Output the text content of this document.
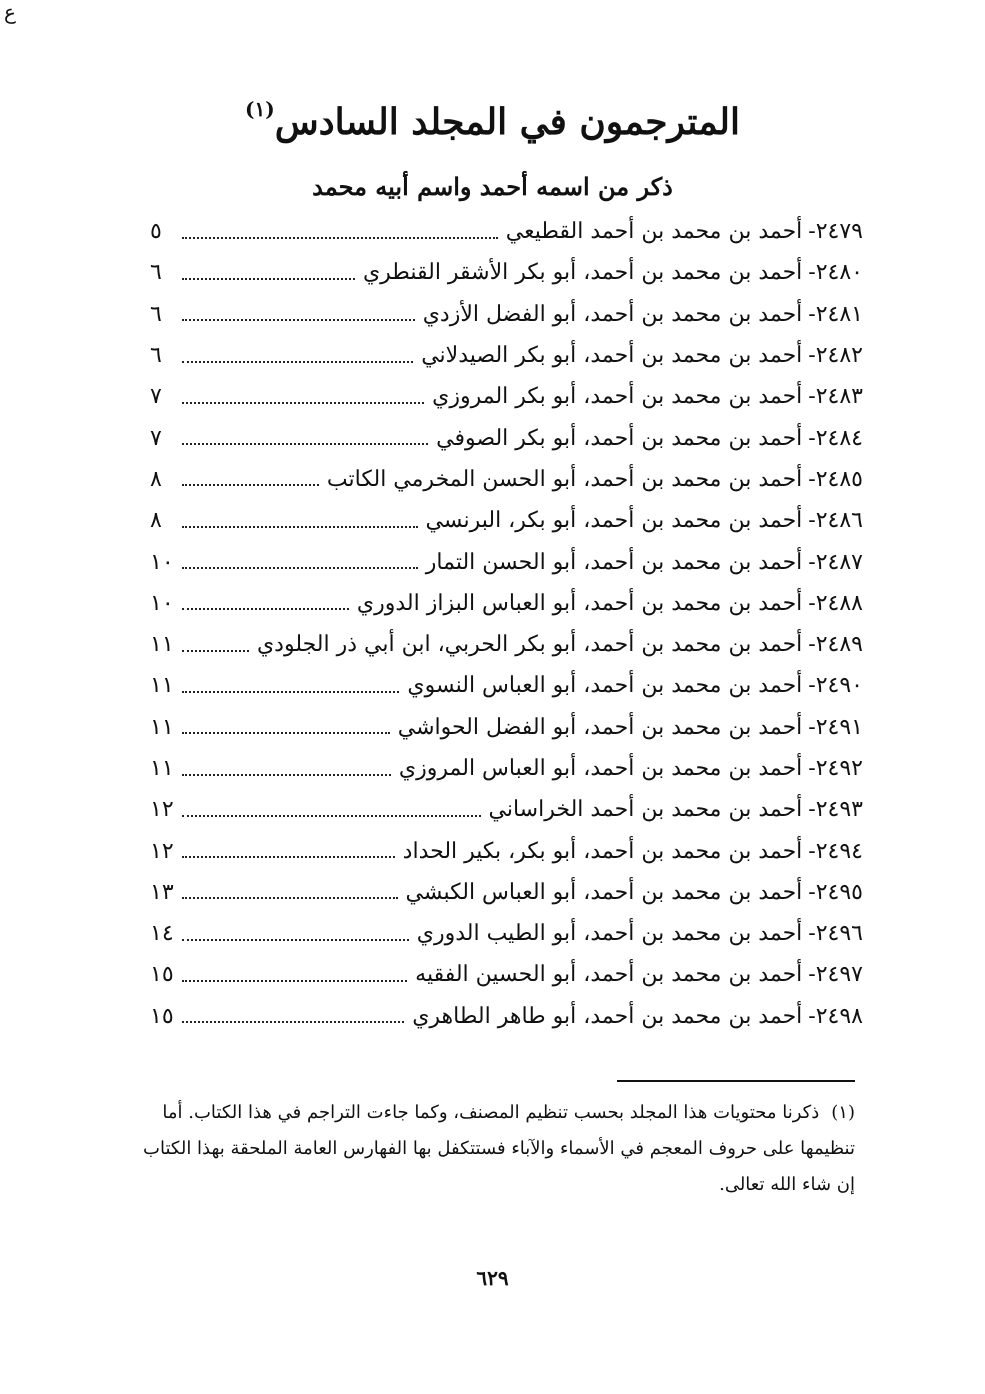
ع
المترجمون في المجلد السادس$^{(١)}$
ذكر من اسمه أحمد واسم أبيه محمد
٢٤٧٩-
أحمد بن محمد بن أحمد القطيعي
٥
٢٤٨٠-
أحمد بن محمد بن أحمد، أبو بكر الأشقر القنطري
٦
٢٤٨١-
أحمد بن محمد بن أحمد، أبو الفضل الأزدي
٦
٢٤٨٢-
أحمد بن محمد بن أحمد، أبو بكر الصيدلاني
٦
٢٤٨٣-
أحمد بن محمد بن أحمد، أبو بكر المروزي
٧
٢٤٨٤-
أحمد بن محمد بن أحمد، أبو بكر الصوفي
٧
٢٤٨٥-
أحمد بن محمد بن أحمد، أبو الحسن المخرمي الكاتب
٨
٢٤٨٦-
أحمد بن محمد بن أحمد، أبو بكر، البرنسي
٨
٢٤٨٧-
أحمد بن محمد بن أحمد، أبو الحسن التمار
١٠
٢٤٨٨-
أحمد بن محمد بن أحمد، أبو العباس البزاز الدوري
١٠
٢٤٨٩-
أحمد بن محمد بن أحمد، أبو بكر الحربي، ابن أبي ذر الجلودي
١١
٢٤٩٠-
أحمد بن محمد بن أحمد، أبو العباس النسوي
١١
٢٤٩١-
أحمد بن محمد بن أحمد، أبو الفضل الحواشي
١١
٢٤٩٢-
أحمد بن محمد بن أحمد، أبو العباس المروزي
١١
٢٤٩٣-
أحمد بن محمد بن أحمد الخراساني
١٢
٢٤٩٤-
أحمد بن محمد بن أحمد، أبو بكر، بكير الحداد
١٢
٢٤٩٥-
أحمد بن محمد بن أحمد، أبو العباس الكبشي
١٣
٢٤٩٦-
أحمد بن محمد بن أحمد، أبو الطيب الدوري
١٤
٢٤٩٧-
أحمد بن محمد بن أحمد، أبو الحسين الفقيه
١٥
٢٤٩٨-
أحمد بن محمد بن أحمد، أبو طاهر الطاهري
١٥
(١)ذكرنا محتويات هذا المجلد بحسب تنظيم المصنف، وكما جاءت التراجم في هذا الكتاب. أما تنظيمها على حروف المعجم في الأسماء والآباء فستتكفل بها الفهارس العامة الملحقة بهذا الكتاب إن شاء الله تعالى.
٦٢٩
